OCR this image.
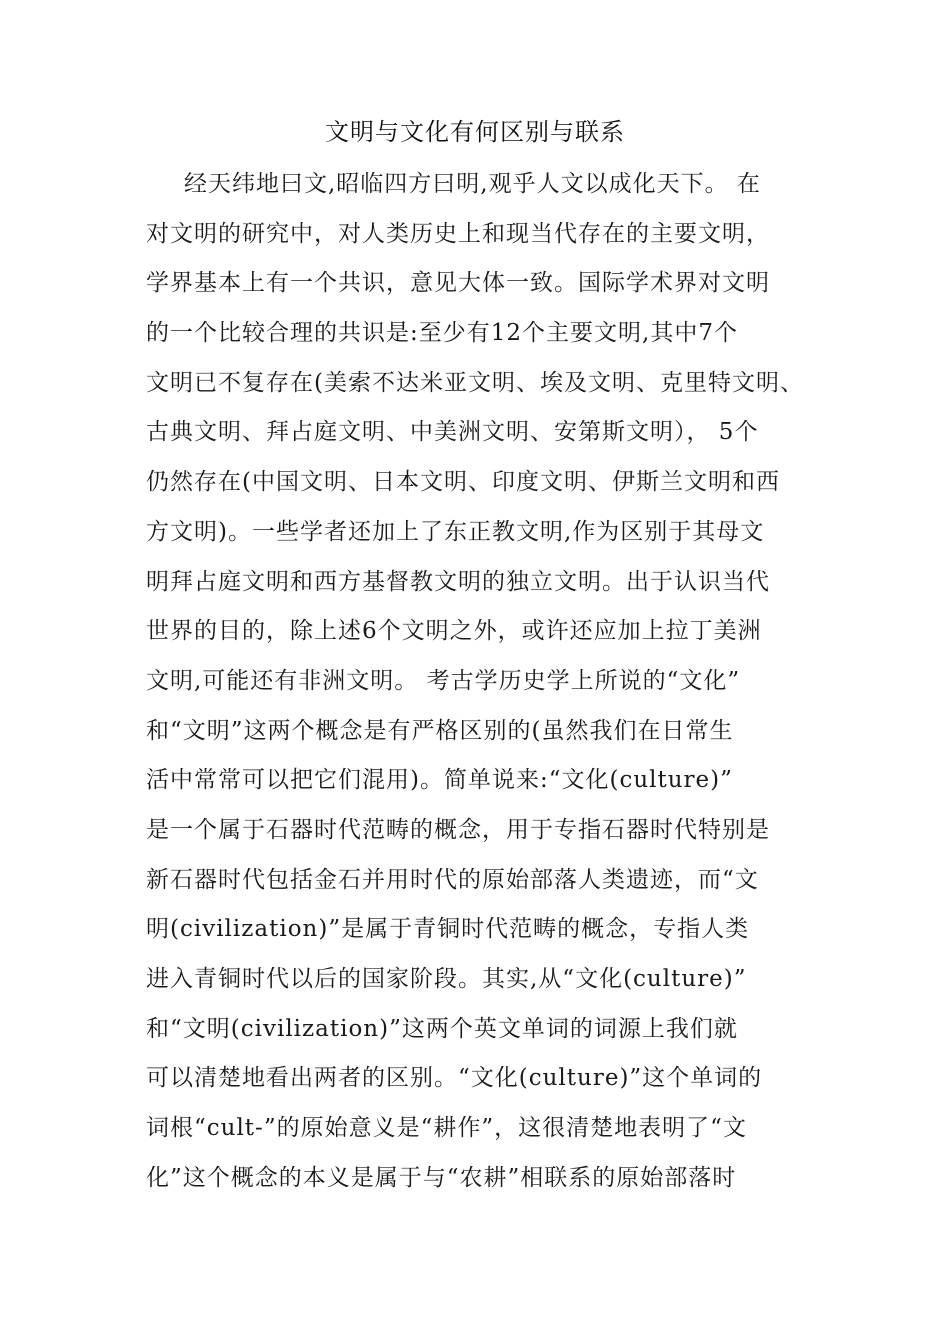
文明与文化有何区别与联系
经天纬地曰文,昭临四方曰明,观乎人文以成化天下。 在
对文明的研究中，对人类历史上和现当代存在的主要文明，
学界基本上有一个共识，意见大体一致。国际学术界对文明
的一个比较合理的共识是:至少有12个主要文明,其中7个
文明已不复存在(美索不达米亚文明、埃及文明、克里特文明、
古典文明、拜占庭文明、中美洲文明、安第斯文明）， 5个
仍然存在(中国文明、日本文明、印度文明、伊斯兰文明和西
方文明)。一些学者还加上了东正教文明,作为区别于其母文
明拜占庭文明和西方基督教文明的独立文明。出于认识当代
世界的目的，除上述6个文明之外，或许还应加上拉丁美洲
文明,可能还有非洲文明。 考古学历史学上所说的“文化”
和“文明”这两个概念是有严格区别的(虽然我们在日常生
活中常常可以把它们混用)。简单说来:“文化(culture)”
是一个属于石器时代范畴的概念，用于专指石器时代特别是
新石器时代包括金石并用时代的原始部落人类遗迹，而“文
明(civilization)”是属于青铜时代范畴的概念，专指人类
进入青铜时代以后的国家阶段。其实,从“文化(culture)”
和“文明(civilization)”这两个英文单词的词源上我们就
可以清楚地看出两者的区别。“文化(culture)”这个单词的
词根“cult-”的原始意义是“耕作”，这很清楚地表明了“文
化”这个概念的本义是属于与“农耕”相联系的原始部落时
